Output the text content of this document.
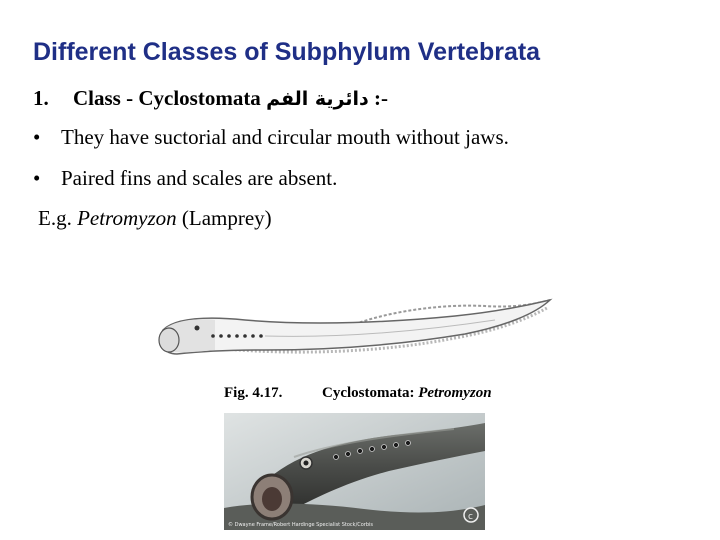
Different Classes of Subphylum Vertebrata
1. Class - Cyclostomata دائرية الفم :-
• They have suctorial and circular mouth without jaws.
• Paired fins and scales are absent.
E.g. Petromyzon (Lamprey)
Fig. 4.17.	Cyclostomata: Petromyzon
c
© Dwayne Frame/Robert Hardinge Specialist Stock/Corbis
